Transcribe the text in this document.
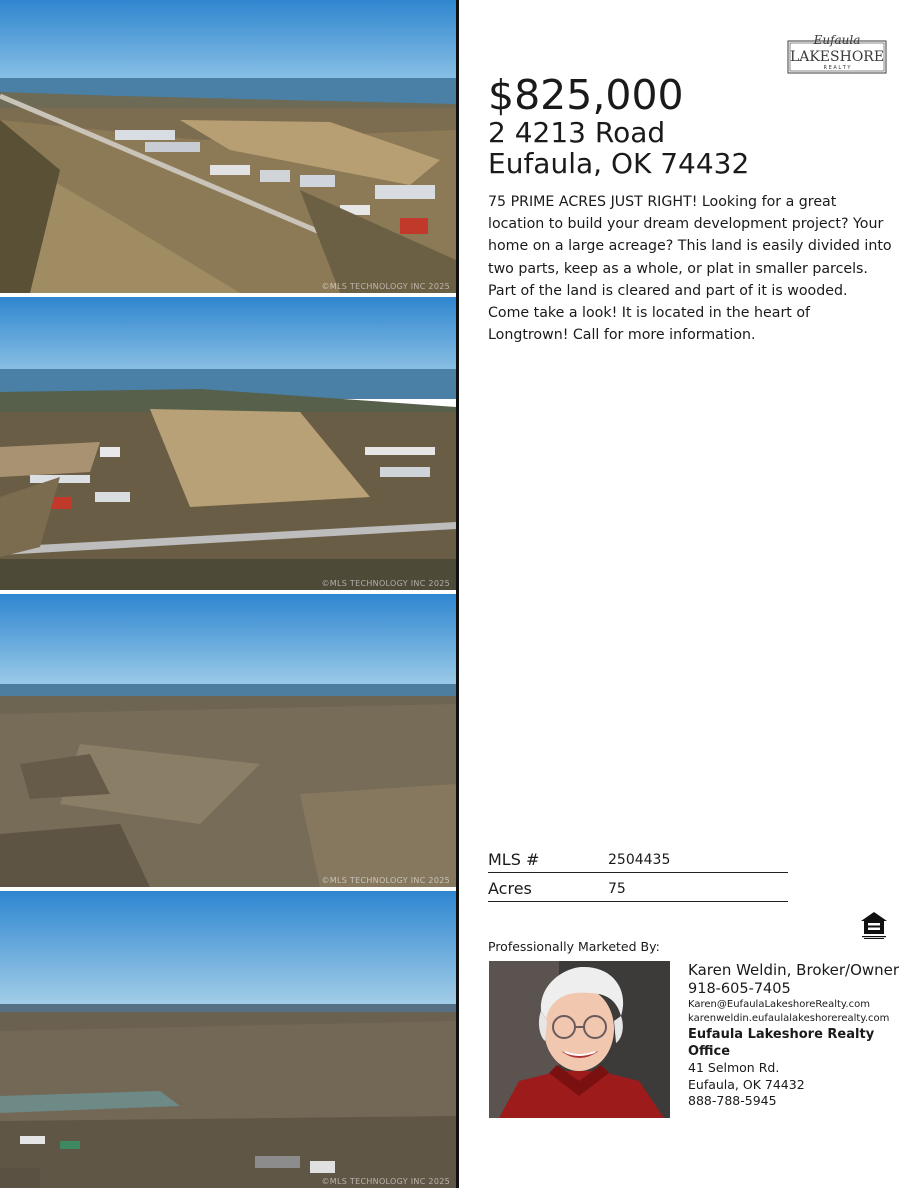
©MLS TECHNOLOGY INC 2025
©MLS TECHNOLOGY INC 2025
©MLS TECHNOLOGY INC 2025
©MLS TECHNOLOGY INC 2025
Eufaula
LAKESHORE
R E A L T Y
$825,000
2 4213 Road
Eufaula, OK 74432

75 PRIME ACRES JUST RIGHT! Looking for a great location to build your dream development project? Your home on a large acreage? This land is easily divided into two parts, keep as a whole, or plat in smaller parcels. Part of the land is cleared and part of it is wooded. Come take a look! It is located in the heart of Longtrown! Call for more information.

MLS #	2504435
Acres	75
Professionally Marketed By:
Karen Weldin, Broker/Owner
918-605-7405
Karen@EufaulaLakeshoreRealty.com
karenweldin.eufaulalakeshorerealty.com
Eufaula Lakeshore Realty Office
41 Selmon Rd.
Eufaula, OK 74432
888-788-5945
